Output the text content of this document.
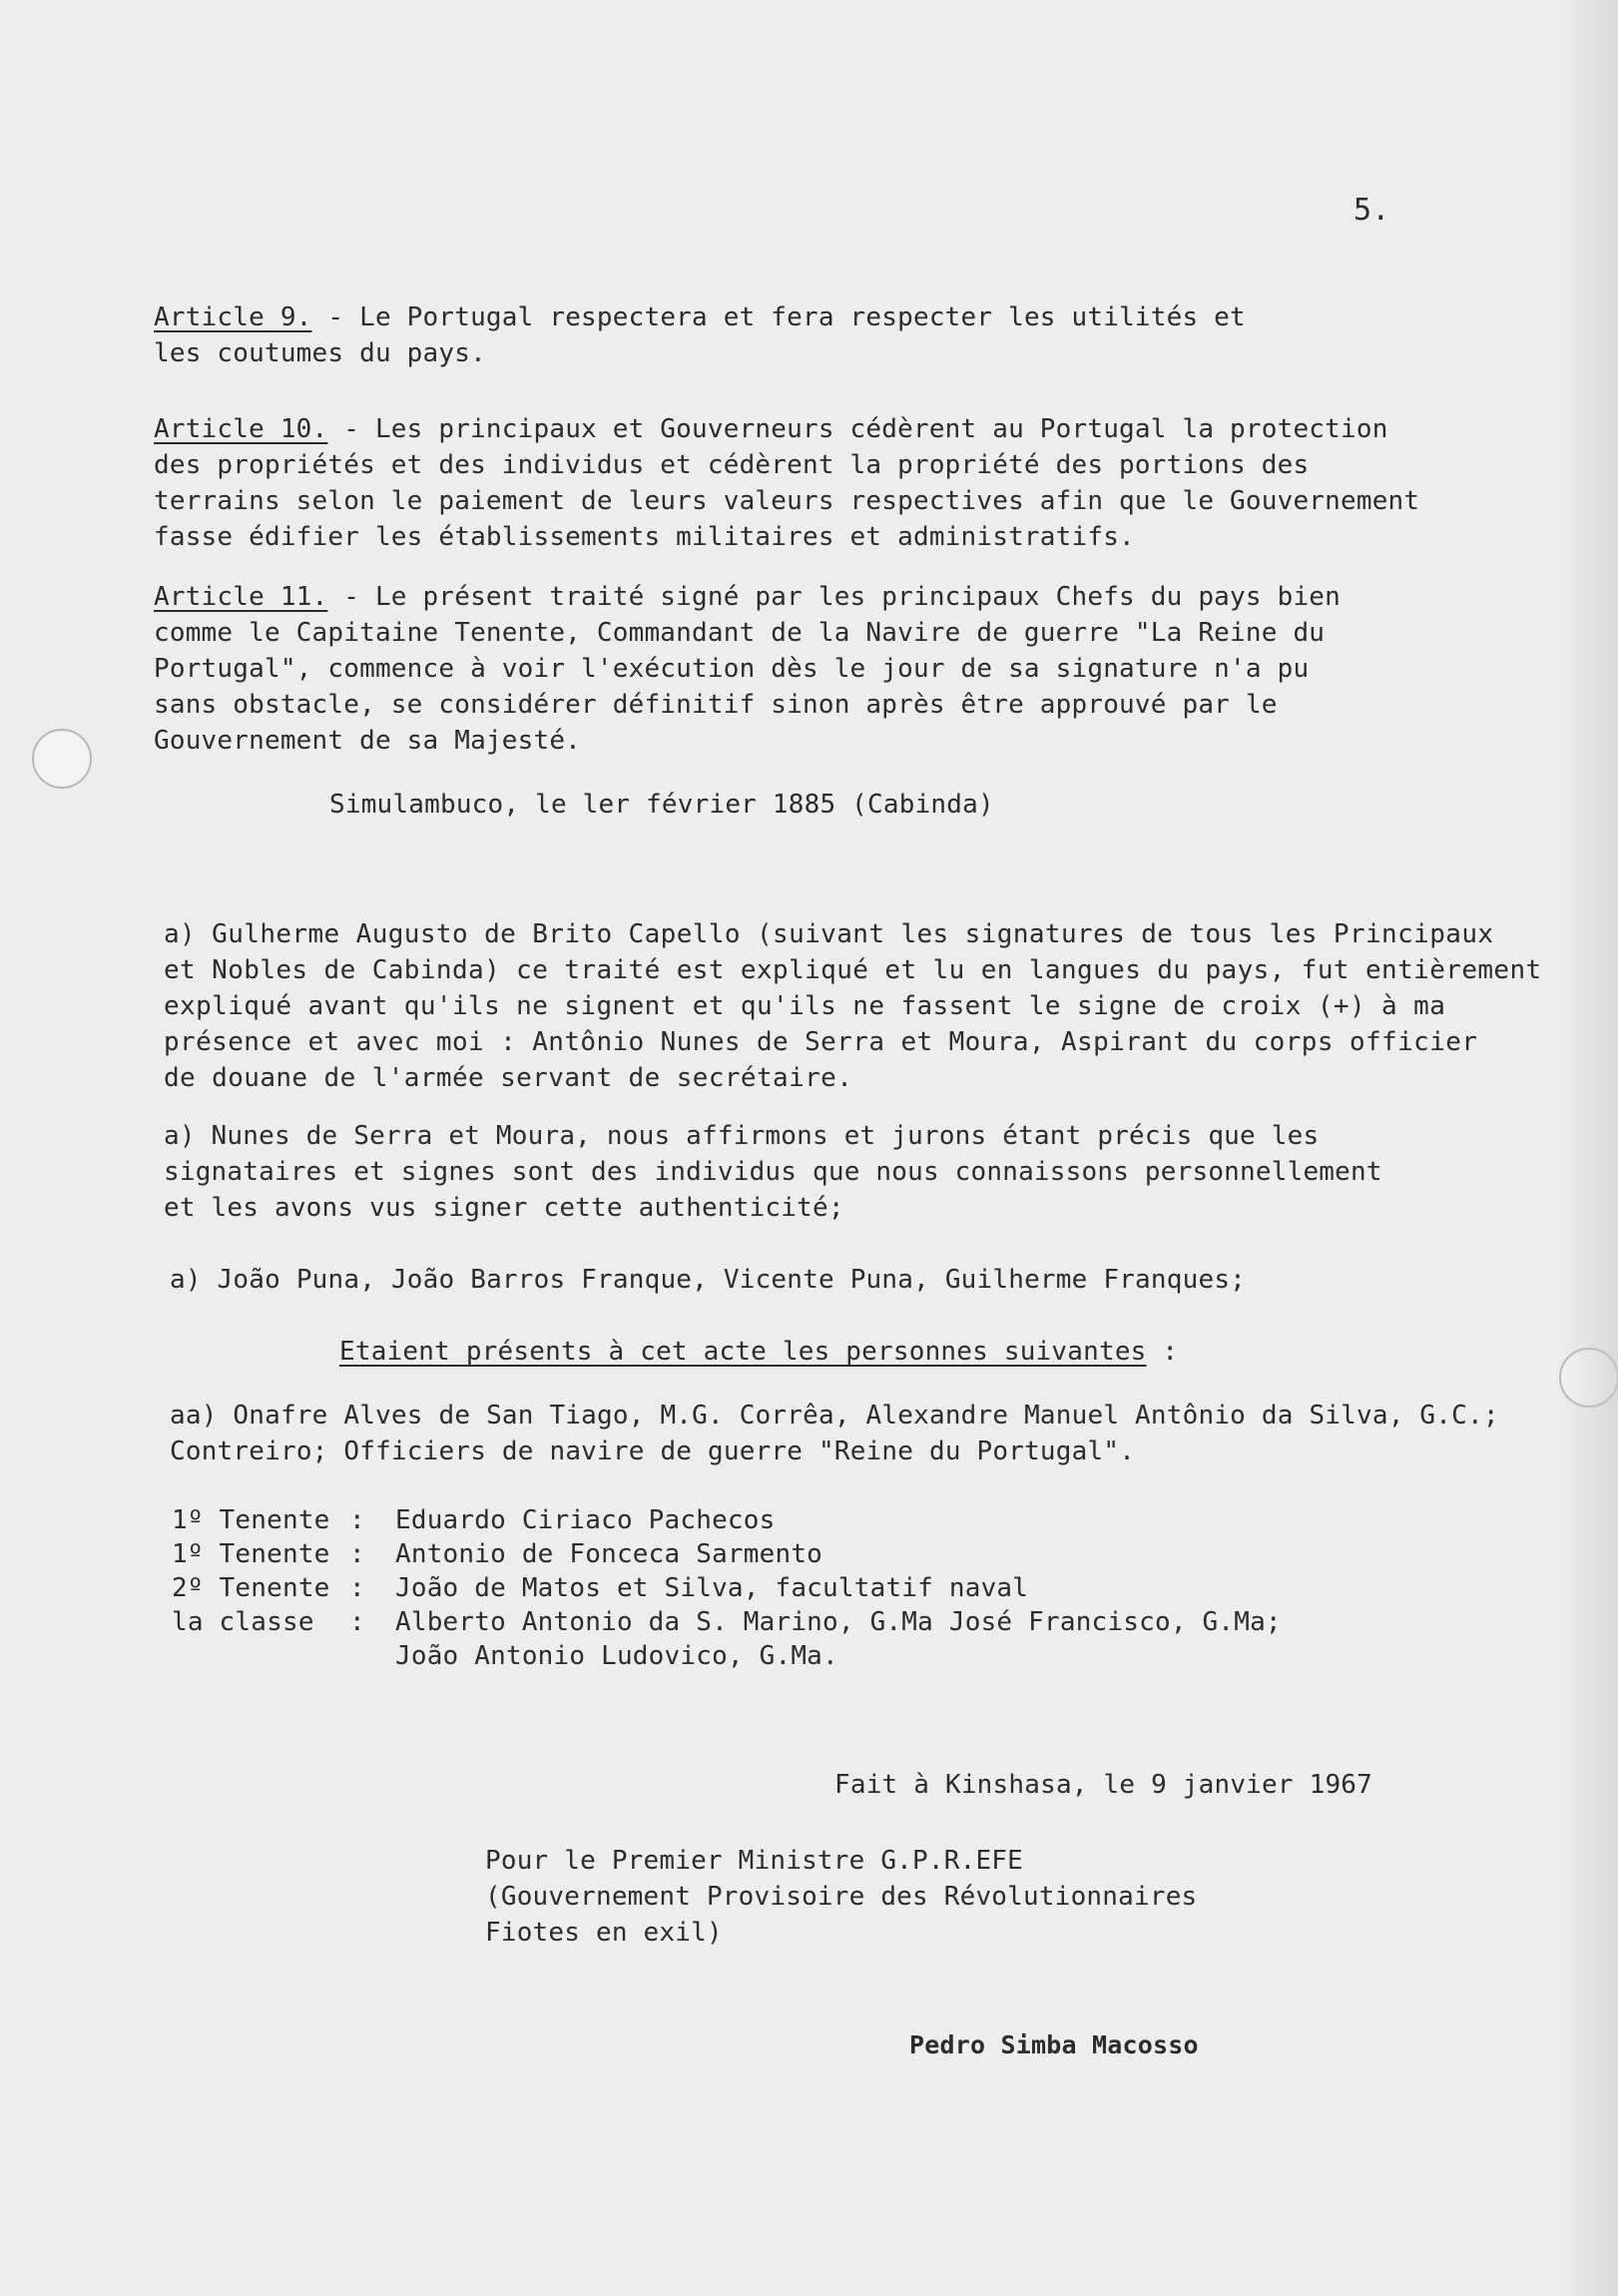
5.
Article 9. - Le Portugal respectera et fera respecter les utilités et
les coutumes du pays.
Article 10. - Les principaux et Gouverneurs cédèrent au Portugal la protection
des propriétés et des individus et cédèrent la propriété des portions des
terrains selon le paiement de leurs valeurs respectives afin que le Gouvernement
fasse édifier les établissements militaires et administratifs.
Article 11. - Le présent traité signé par les principaux Chefs du pays bien
comme le Capitaine Tenente, Commandant de la Navire de guerre "La Reine du
Portugal", commence à voir l'exécution dès le jour de sa signature n'a pu
sans obstacle, se considérer définitif sinon après être approuvé par le
Gouvernement de sa Majesté.
Simulambuco, le ler février 1885 (Cabinda)
a) Gulherme Augusto de Brito Capello (suivant les signatures de tous les Principaux
et Nobles de Cabinda) ce traité est expliqué et lu en langues du pays, fut entièrement
expliqué avant qu'ils ne signent et qu'ils ne fassent le signe de croix (+) à ma
présence et avec moi : Antônio Nunes de Serra et Moura, Aspirant du corps officier
de douane de l'armée servant de secrétaire.
a) Nunes de Serra et Moura, nous affirmons et jurons étant précis que les
signataires et signes sont des individus que nous connaissons personnellement
et les avons vus signer cette authenticité;
a) João Puna, João Barros Franque, Vicente Puna, Guilherme Franques;
Etaient présents à cet acte les personnes suivantes :
aa) Onafre Alves de San Tiago, M.G. Corrêa, Alexandre Manuel Antônio da Silva, G.C.;
Contreiro; Officiers de navire de guerre "Reine du Portugal".
1º Tenente :	Eduardo Ciriaco Pachecos
1º Tenente :	Antonio de Fonceca Sarmento
2º Tenente :	João de Matos et Silva, facultatif naval
la classe	:	Alberto Antonio da S. Marino, G.Ma José Francisco, G.Ma;
João Antonio Ludovico, G.Ma.
Fait à Kinshasa, le 9 janvier 1967
Pour le Premier Ministre G.P.R.EFE
(Gouvernement Provisoire des Révolutionnaires
Fiotes en exil)
Pedro Simba Macosso
